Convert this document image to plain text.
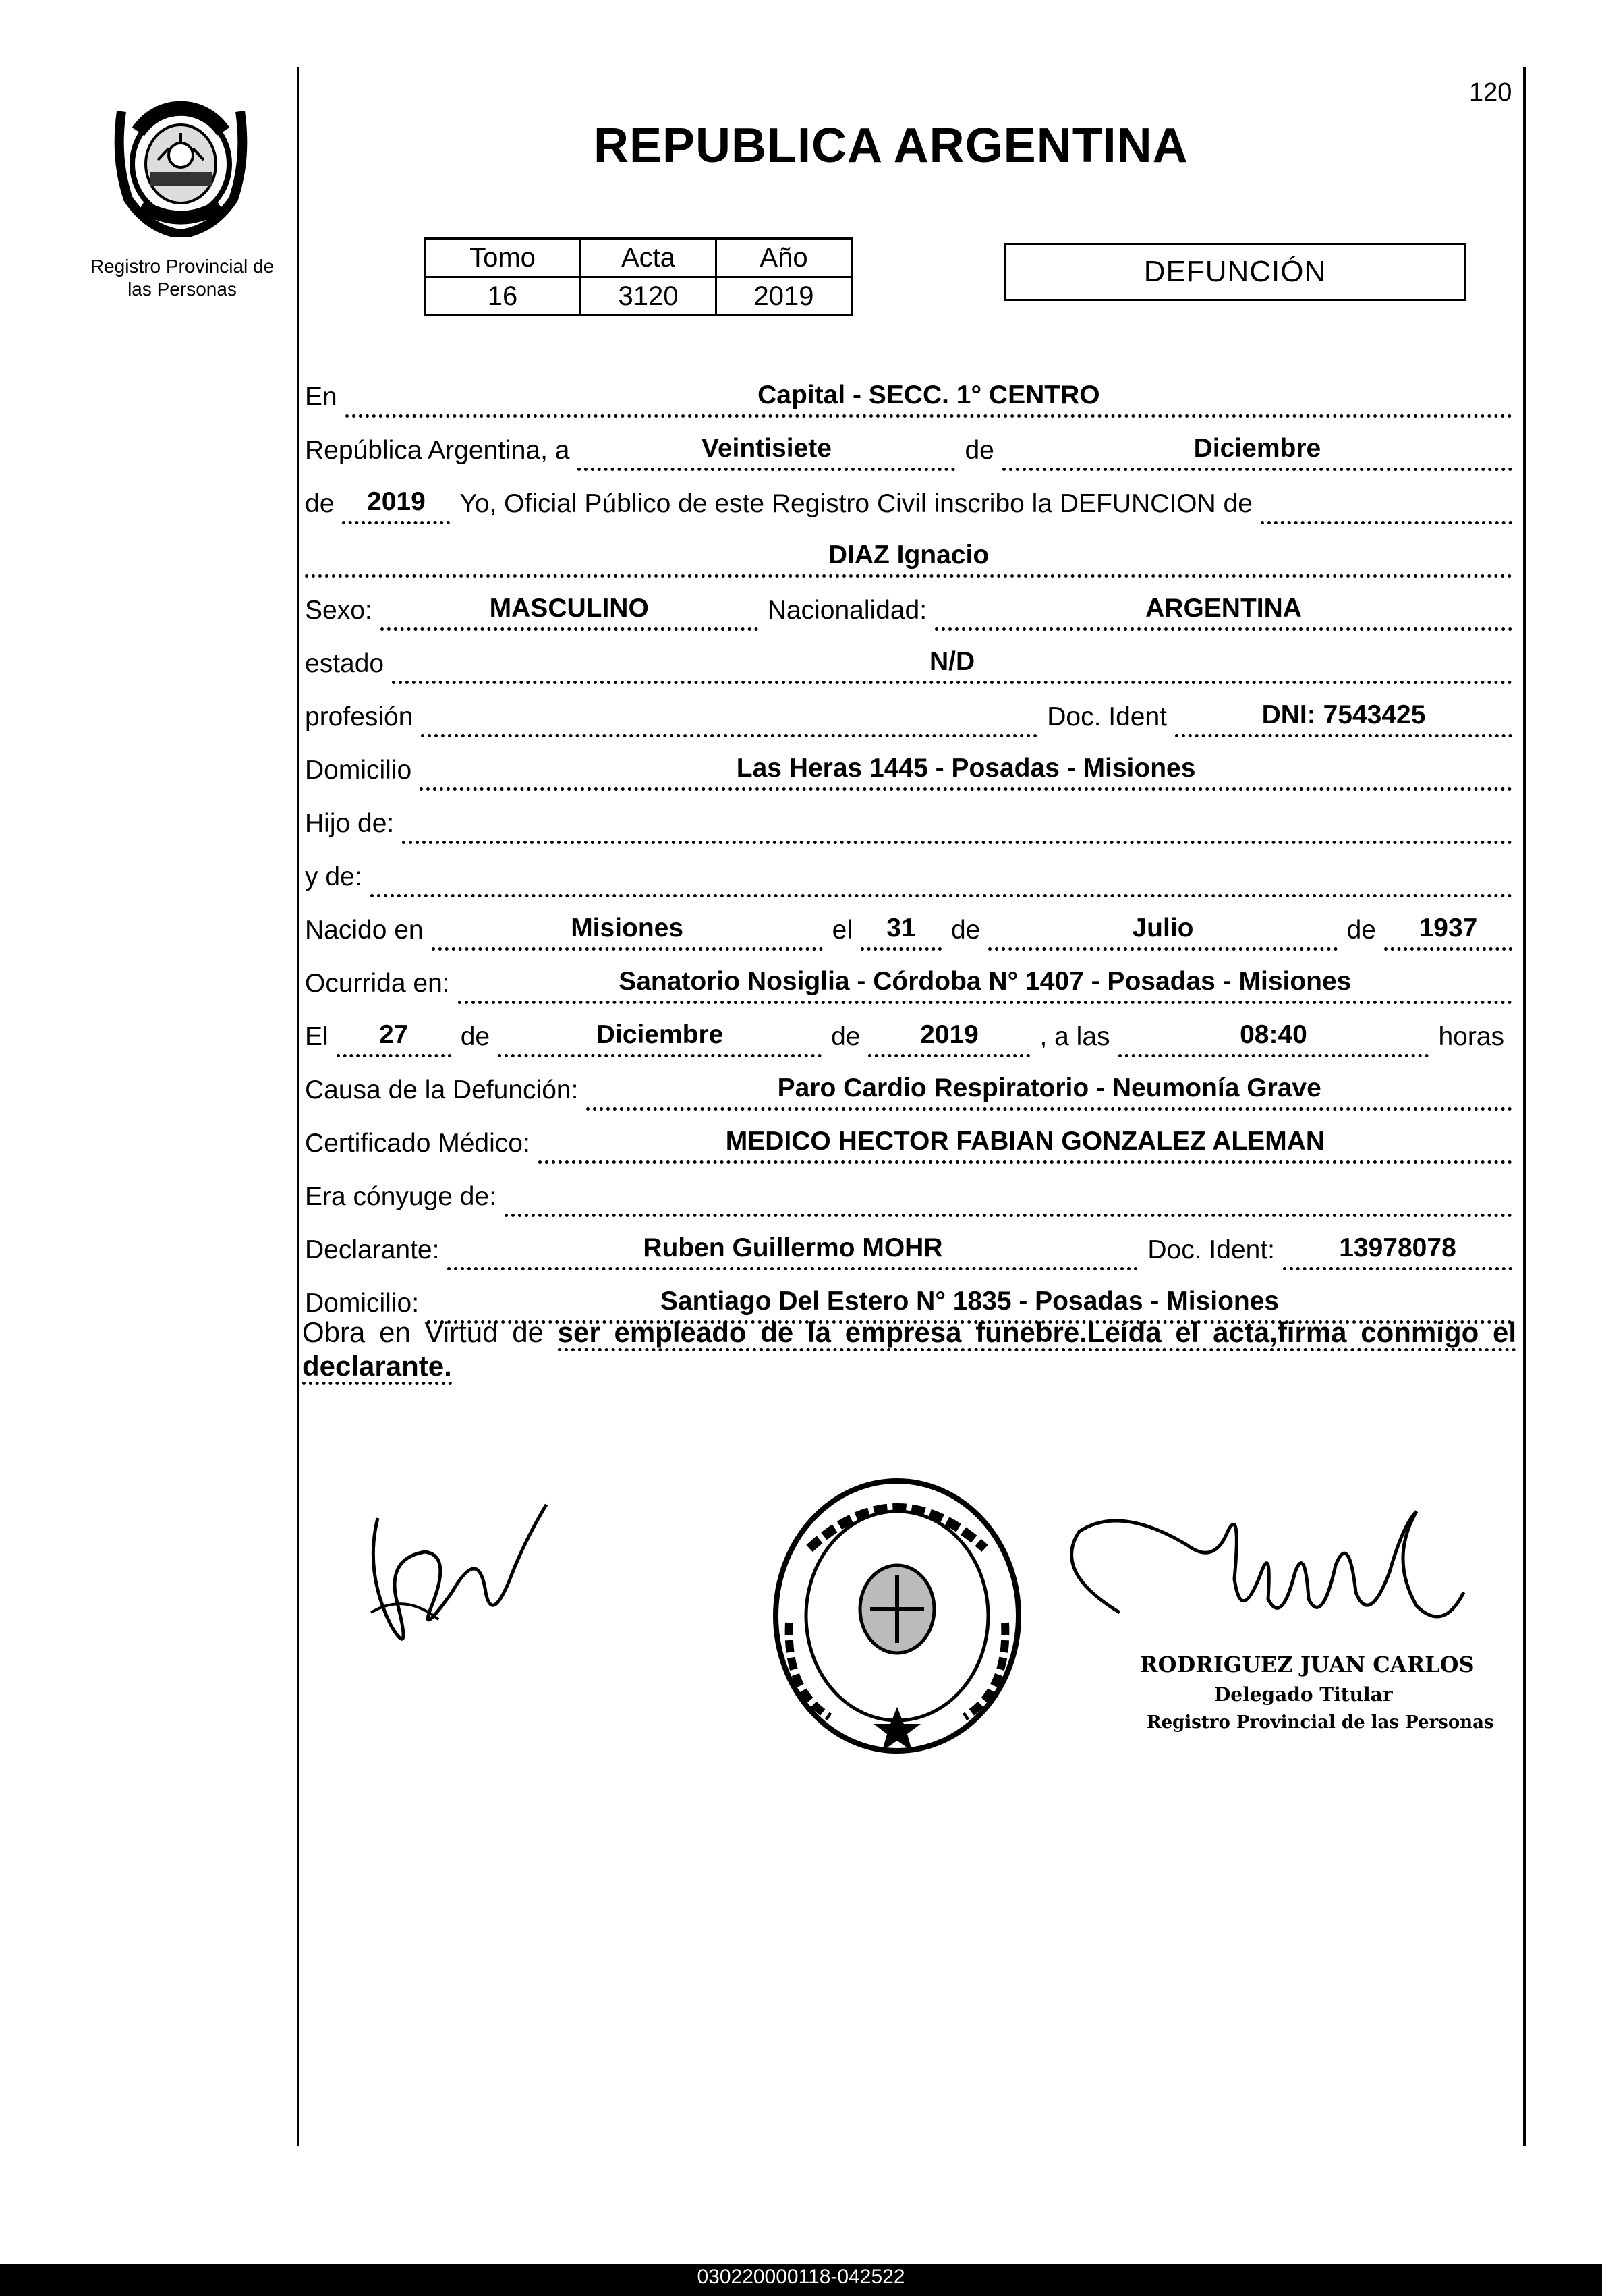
120
Registro Provincial de
las Personas
REPUBLICA ARGENTINA
Tomo	Acta	Año
16	3120	2019
DEFUNCIÓN
En	Capital - SECC. 1° CENTRO
República Argentina, a	Veintisiete	de	Diciembre
de	2019	Yo, Oficial Público de este Registro Civil inscribo la DEFUNCION de
DIAZ Ignacio
Sexo:	MASCULINO	Nacionalidad:	ARGENTINA
estado	N/D
profesión	Doc. Ident	DNI: 7543425
Domicilio	Las Heras 1445 - Posadas - Misiones
Hijo de:
y de:
Nacido en	Misiones	el	31	de	Julio	de	1937
Ocurrida en:	Sanatorio Nosiglia - Córdoba N° 1407 - Posadas - Misiones
El	27	de	Diciembre	de	2019	, a las	08:40	horas
Causa de la Defunción:	Paro Cardio Respiratorio - Neumonía Grave
Certificado Médico:	MEDICO HECTOR FABIAN GONZALEZ ALEMAN
Era cónyuge de:
Declarante:	Ruben Guillermo MOHR	Doc. Ident:	13978078
Domicilio:	Santiago Del Estero N° 1835 - Posadas - Misiones
Obra en Virtud de ser empleado de la empresa funebre.Leída el acta,firma conmigo el declarante.
RODRIGUEZ JUAN CARLOS
Delegado Titular
Registro Provincial de las Personas
030220000118-042522
